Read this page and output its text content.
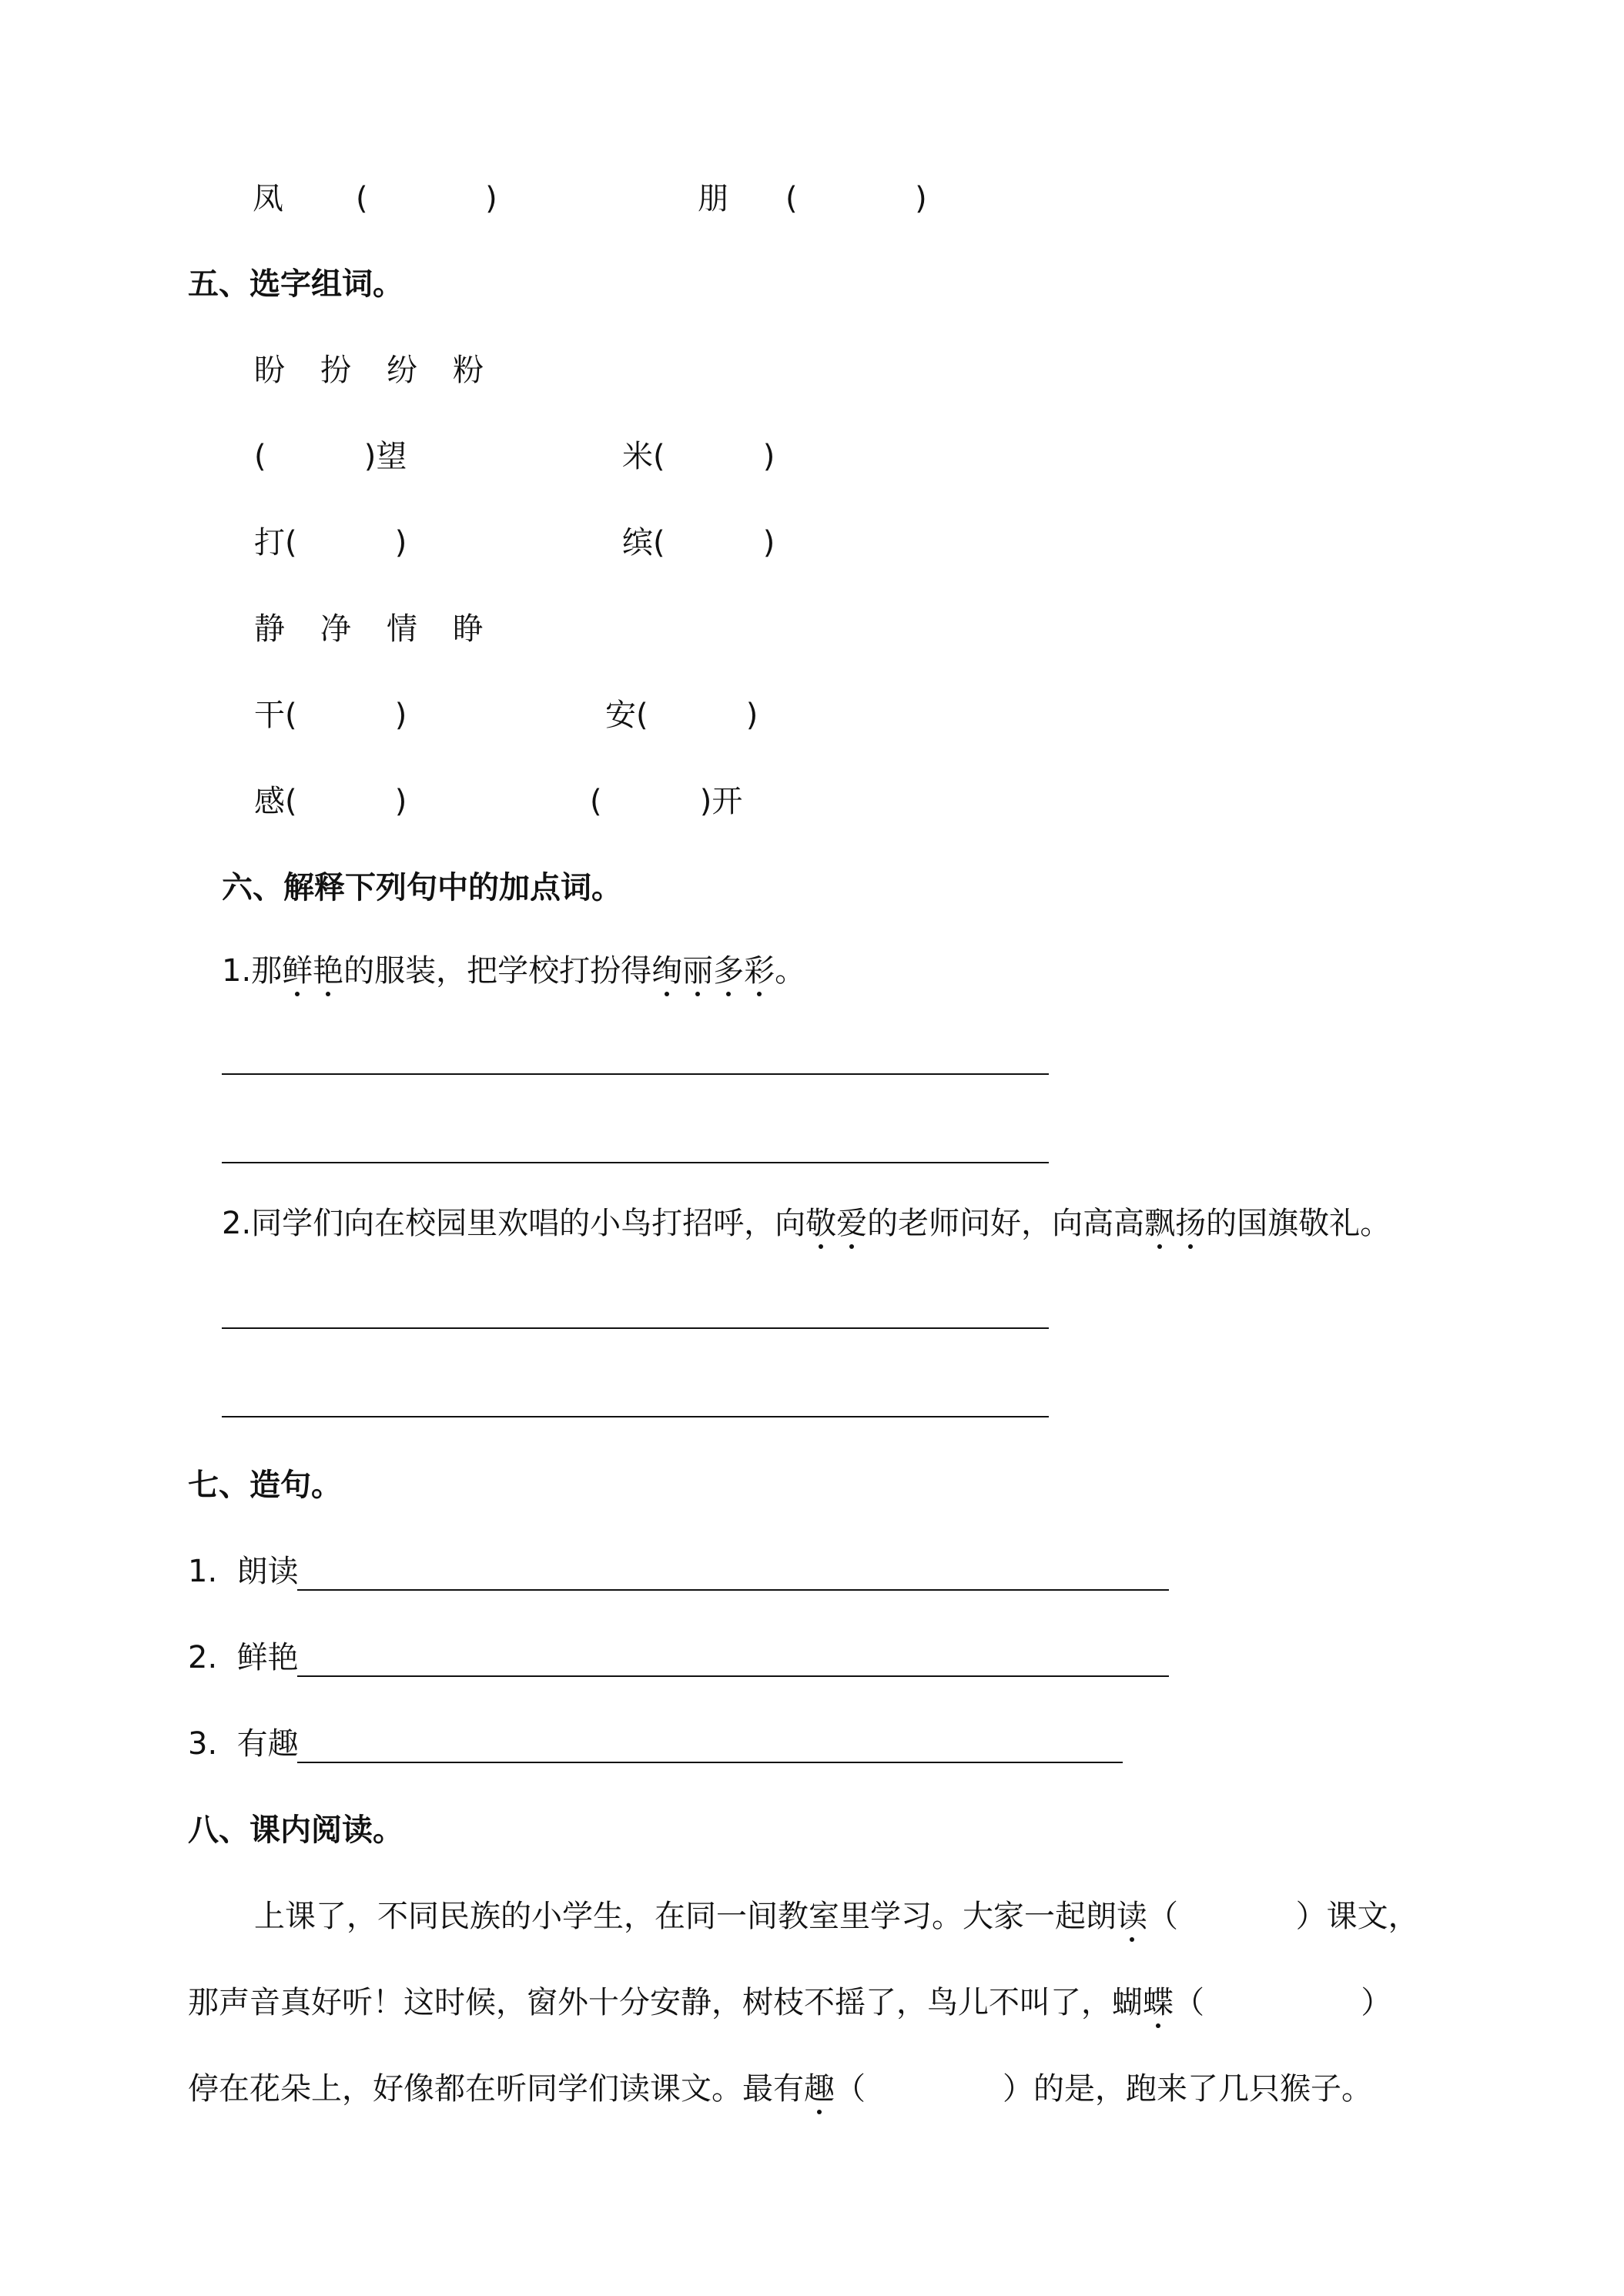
凤 (            )	朋 (            )
五、选字组词。
盼 扮 纷 粉
(          )望	米(          )
打(          )	缤(          )
静 净 情 睁
干(          )	安(          )
感(          )	(          )开
六、解释下列句中的加点词。
1.那鲜艳的服装，把学校打扮得绚丽多彩。
2.同学们向在校园里欢唱的小鸟打招呼，向敬爱的老师问好，向高高飘扬的国旗敬礼。
七、造句。
1.  朗读
2.  鲜艳
3.  有趣
八、课内阅读。
上课了，不同民族的小学生，在同一间教室里学习。大家一起朗读（            ）课文，
那声音真好听！这时候，窗外十分安静，树枝不摇了，鸟儿不叫了，蝴蝶（                ）
停在花朵上，好像都在听同学们读课文。最有趣（              ）的是，跑来了几只猴子。
